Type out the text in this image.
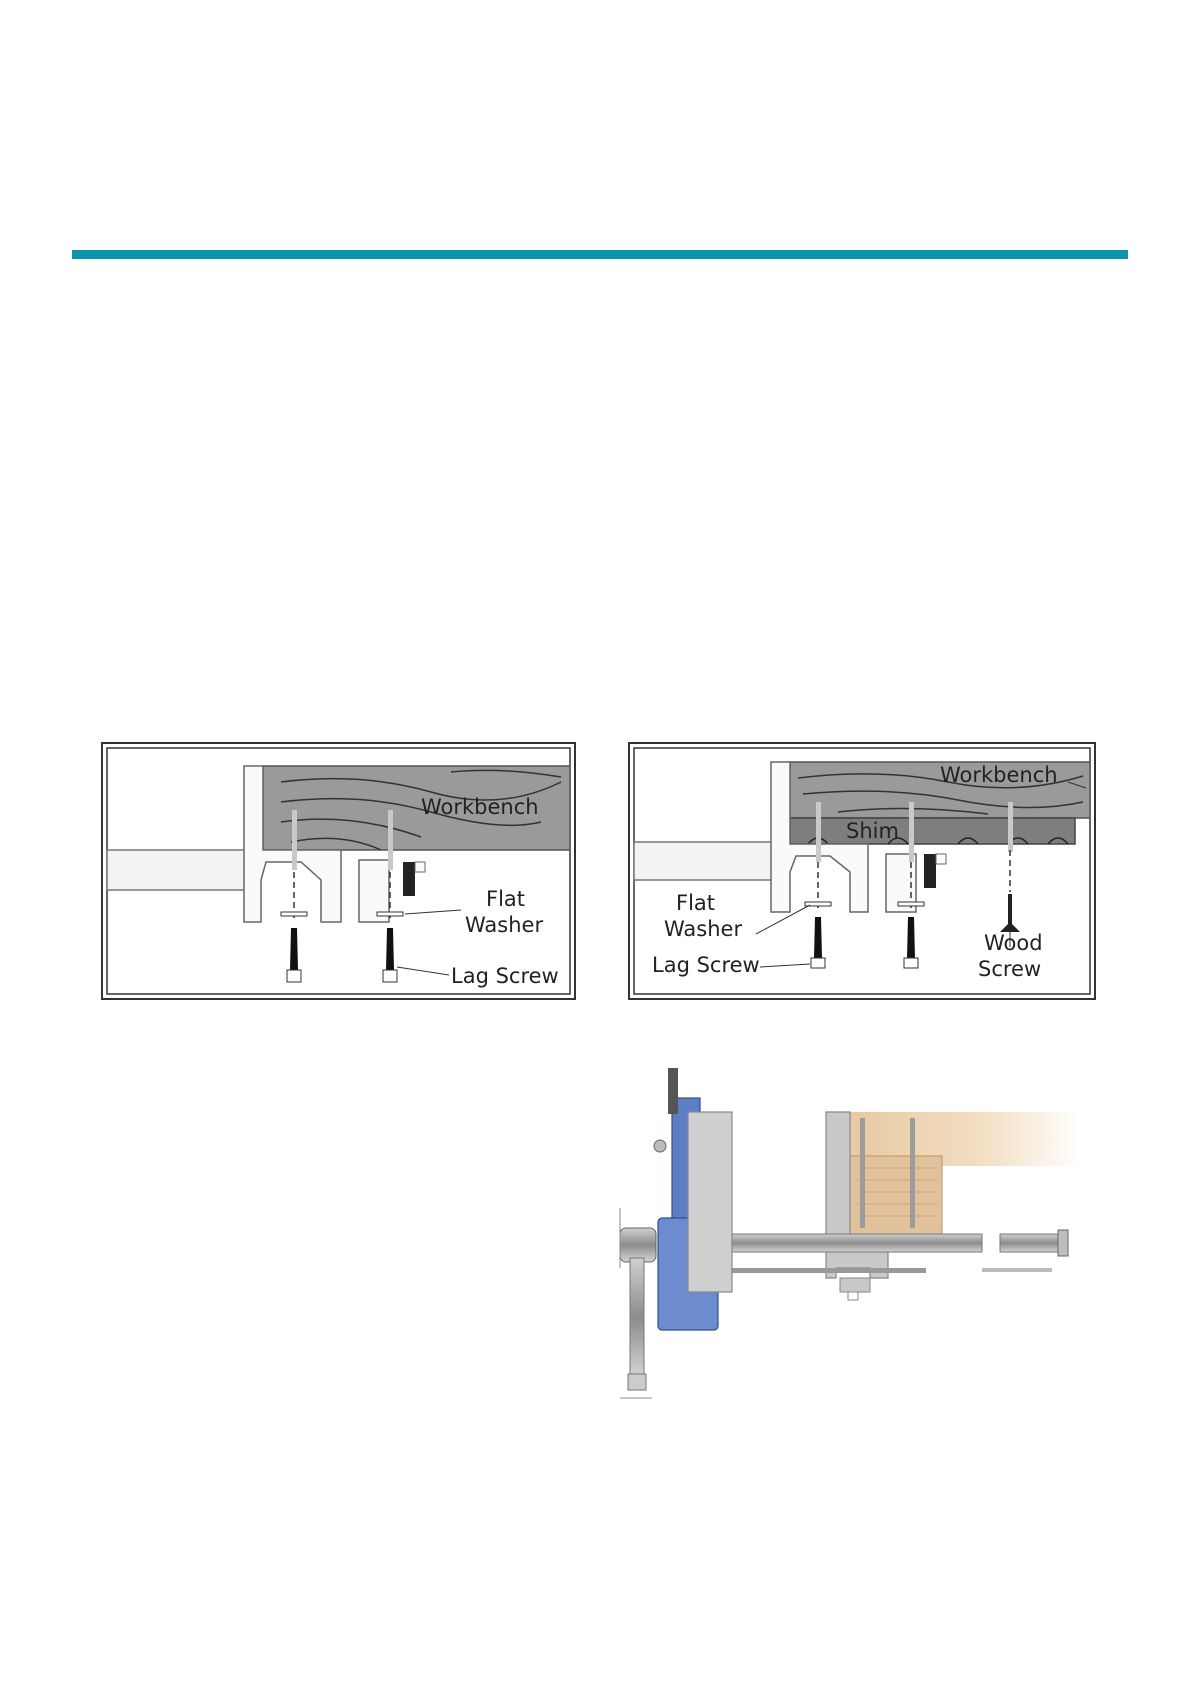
Workbench
Flat
Washer
Lag Screw
Workbench
Shim
Flat
Washer
Lag Screw
Wood
Screw
